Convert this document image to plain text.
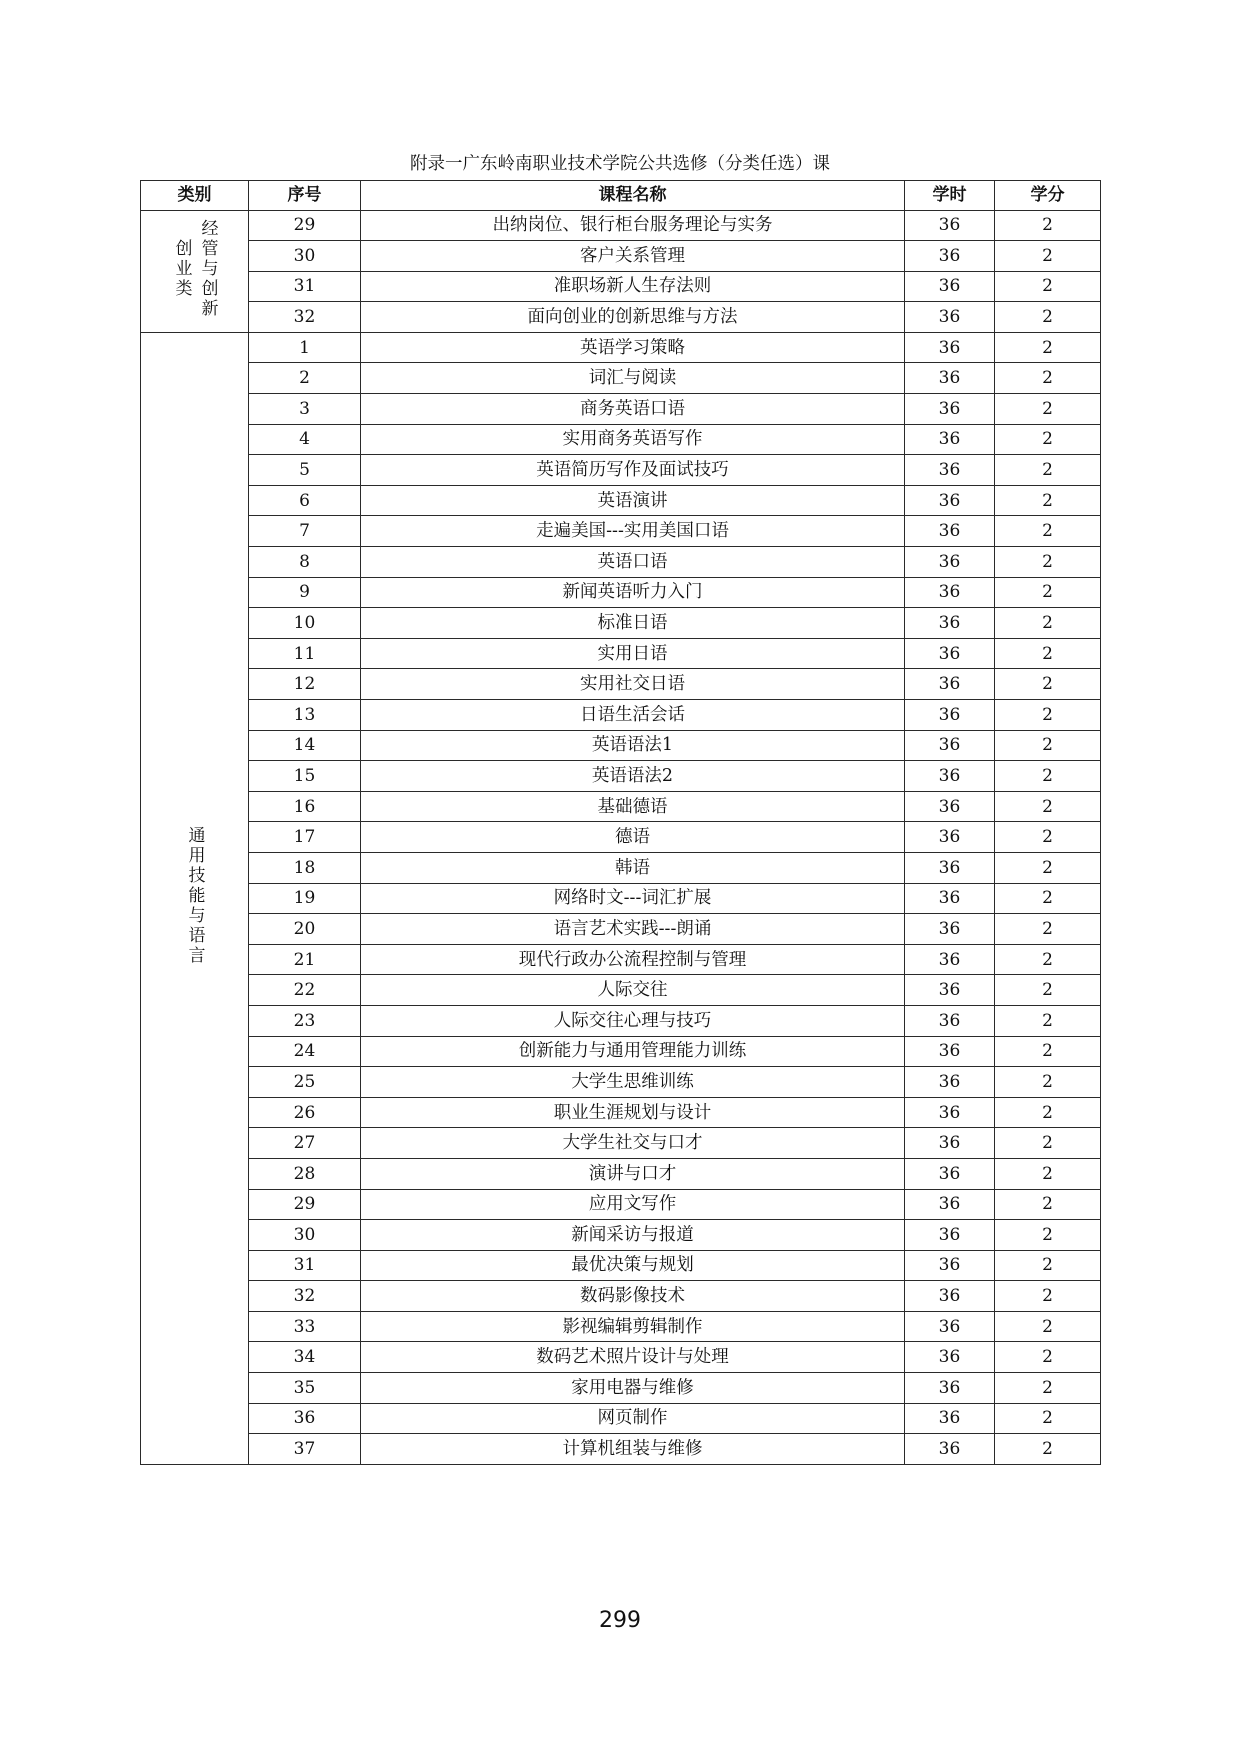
附录一广东岭南职业技术学院公共选修（分类任选）课
类别	序号	课程名称	学时	学分
经管与创新创业类	29	出纳岗位、银行柜台服务理论与实务	36	2
	30	客户关系管理	36	2
	31	准职场新人生存法则	36	2
	32	面向创业的创新思维与方法	36	2
通用技能与语言	1	英语学习策略	36	2
	2	词汇与阅读	36	2
	3	商务英语口语	36	2
	4	实用商务英语写作	36	2
	5	英语简历写作及面试技巧	36	2
	6	英语演讲	36	2
	7	走遍美国---实用美国口语	36	2
	8	英语口语	36	2
	9	新闻英语听力入门	36	2
	10	标准日语	36	2
	11	实用日语	36	2
	12	实用社交日语	36	2
	13	日语生活会话	36	2
	14	英语语法1	36	2
	15	英语语法2	36	2
	16	基础德语	36	2
	17	德语	36	2
	18	韩语	36	2
	19	网络时文---词汇扩展	36	2
	20	语言艺术实践---朗诵	36	2
	21	现代行政办公流程控制与管理	36	2
	22	人际交往	36	2
	23	人际交往心理与技巧	36	2
	24	创新能力与通用管理能力训练	36	2
	25	大学生思维训练	36	2
	26	职业生涯规划与设计	36	2
	27	大学生社交与口才	36	2
	28	演讲与口才	36	2
	29	应用文写作	36	2
	30	新闻采访与报道	36	2
	31	最优决策与规划	36	2
	32	数码影像技术	36	2
	33	影视编辑剪辑制作	36	2
	34	数码艺术照片设计与处理	36	2
	35	家用电器与维修	36	2
	36	网页制作	36	2
	37	计算机组装与维修	36	2
299
